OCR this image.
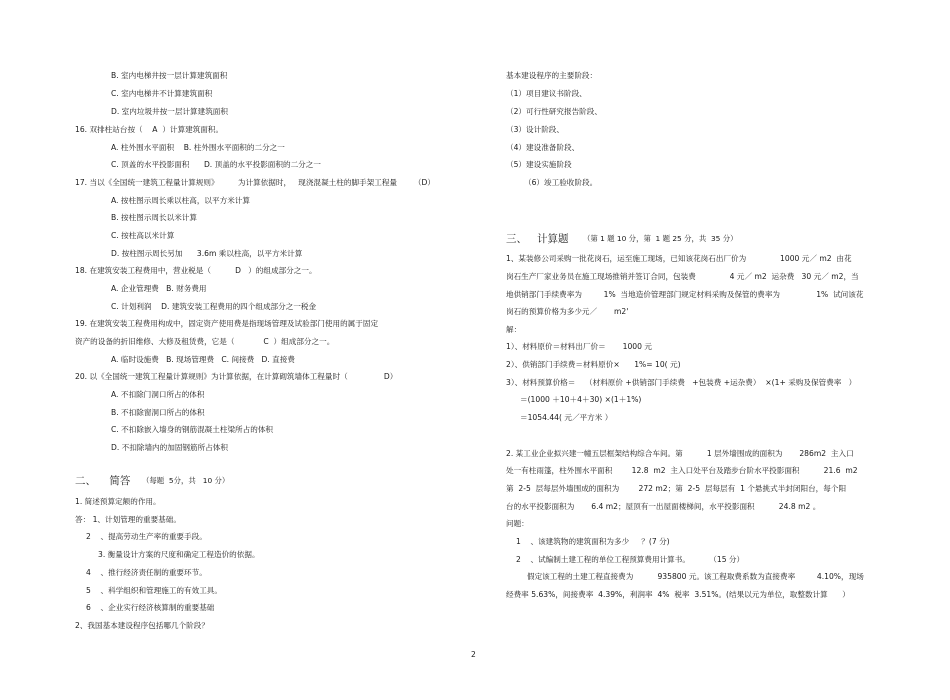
B. 室内电梯井按一层计算建筑面积
C. 室内电梯井不计算建筑面积
D. 室内垃圾井按一层计算建筑面积
16. 双排柱站台按（    A  ）计算建筑面积。
A. 柱外围水平面积    B. 柱外围水平面积的二分之一
C. 顶盖的水平投影面积      D. 顶盖的水平投影面积的二分之一
17. 当以《全国统一建筑工程量计算规则》        为计算依据时，   现浇混凝土柱的脚手架工程量       （D）
A. 按柱图示周长乘以柱高，以平方米计算
B. 按柱图示周长以米计算
C. 按柱高以米计算
D. 按柱图示周长另加      3.6m 乘以柱高，以平方米计算
18. 在建筑安装工程费用中，营业税是（          D   ）的组成部分之一。
A. 企业管理费   B. 财务费用
C. 计划利润    D. 建筑安装工程费用的四个组成部分之一税金
19. 在建筑安装工程费用构成中，固定资产使用费是指现场管理及试验部门使用的属于固定
资产的设备的折旧维修、大修及租赁费，它是（            C  ）组成部分之一。
A. 临时设施费   B. 现场管理费   C. 间接费   D. 直接费
20. 以《全国统一建筑工程量计算规则》为计算依据，在计算砌筑墙体工程量时（               D）
A. 不扣除门洞口所占的体积
B. 不扣除窗洞口所占的体积
C. 不扣除嵌入墙身的钢筋混凝土柱梁所占的体积
D. 不扣除墙内的加固钢筋所占体积
二、    简答 （每题  5分，共   10 分）
1. 简述预算定额的作用。
答： 1、计划管理的重要基础。
2    、提高劳动生产率的重要手段。
3. 衡量设计方案的尺度和确定工程造价的依据。
4    、推行经济责任制的重要环节。
5    、科学组织和管理施工的有效工具。
6    、企业实行经济核算制的重要基础
2、我国基本建设程序包括哪几个阶段？
基本建设程序的主要阶段：
（1）项目建议书阶段、
（2）可行性研究报告阶段、
（3）设计阶段、
（4）建设准备阶段、
（5）建设实施阶段
（6）竣工验收阶段。
三、   计算题 （第 1 题 10 分，第  1 题 25 分，共  35 分）
1、某装修公司采购一批花岗石，运至施工现场，已知该花岗石出厂价为              1000 元／ m2  由花
岗石生产厂家业务员在施工现场推销并签订合同，包装费              4 元／ m2  运杂费   30 元／ m2，当
地供销部门手续费率为         1%  当地造价管理部门规定材料采购及保管的费率为               1%  试问该花
岗石的预算价格为多少元／       m2'
解：
1）、材料原价＝材料出厂价＝       1000 元
2）、供销部门手续费＝材料原价×      1%= 10( 元)
3）、材料预算价格＝    （材料原价 +供销部门手续费   +包装费 +运杂费）  ×(1+ 采购及保管费率   ）
＝(1000 ＋10＋4＋30) ×(1＋1%)
＝1054.44( 元／平方米 ）
2. 某工业企业拟兴建一幢五层框架结构综合车间。第          1 层外墙围成的面积为       286m2  主入口
处一有柱雨篷，柱外围水平面积        12.8  m2  主入口处平台及踏步台阶水平投影面积          21.6  m2
第  2-5  层每层外墙围成的面积为        272 m2；第  2-5  层每层有  1 个悬挑式半封闭阳台，每个阳
台的水平投影面积为       6.4 m2；屋顶有一出屋面楼梯间，水平投影面积          24.8 m2 。
问题：
1    、该建筑物的建筑面积为多少     ？(7 分)
2    、试编制土建工程的单位工程预算费用计算书。        （15 分）
假定该工程的土建工程直接费为          935800 元。该工程取费系数为直接费率         4.10%，现场
经费率 5.63%，间接费率  4.39%，利润率  4%  税率  3.51%。(结果以元为单位，取整数计算      ）
2
